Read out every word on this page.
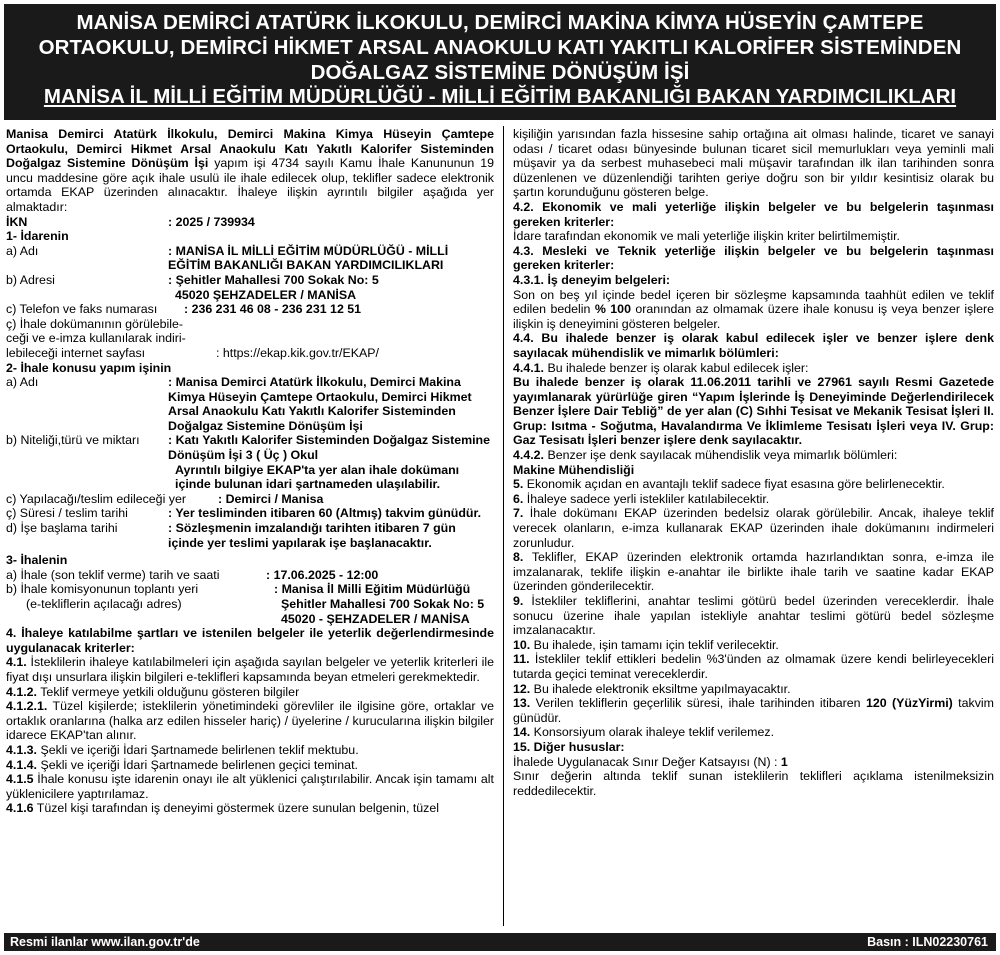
MANİSA DEMİRCİ ATATÜRK İLKOKULU, DEMİRCİ MAKİNA KİMYA HÜSEYİN ÇAMTEPE
ORTAOKULU, DEMİRCİ HİKMET ARSAL ANAOKULU KATI YAKITLI KALORİFER SİSTEMİNDEN
DOĞALGAZ SİSTEMİNE DÖNÜŞÜM İŞİ
MANİSA İL MİLLİ EĞİTİM MÜDÜRLÜĞÜ - MİLLİ EĞİTİM BAKANLIĞI BAKAN YARDIMCILIKLARI

Manisa Demirci Atatürk İlkokulu, Demirci Makina Kimya Hüseyin Çamtepe Ortaokulu, Demirci Hikmet Arsal Anaokulu Katı Yakıtlı Kalorifer Sisteminden Doğalgaz Sistemine Dönüşüm İşi yapım işi 4734 sayılı Kamu İhale Kanununun 19 uncu maddesine göre açık ihale usulü ile ihale edilecek olup, teklifler sadece elektronik ortamda EKAP üzerinden alınacaktır. İhaleye ilişkin ayrıntılı bilgiler aşağıda yer almaktadır:

İKN	: 2025 / 739934

1- İdarenin

a) Adı	: MANİSA İL MİLLİ EĞİTİM MÜDÜRLÜĞÜ - MİLLİ EĞİTİM BAKANLIĞI BAKAN YARDIMCILIKLARI
b) Adresi	: Şehitler Mahallesi 700 Sokak No: 5
45020 ŞEHZADELER / MANİSA
c) Telefon ve faks numarası	: 236 231 46 08 - 236 231 12 51

ç) İhale dokümanının görülebile-

ceği ve e-imza kullanılarak indiri-

lebileceği internet sayfası	: https://ekap.kik.gov.tr/EKAP/

2- İhale konusu yapım işinin

a) Adı	: Manisa Demirci Atatürk İlkokulu, Demirci Makina Kimya Hüseyin Çamtepe Ortaokulu, Demirci Hikmet Arsal Anaokulu Katı Yakıtlı Kalorifer Sisteminden Doğalgaz Sistemine Dönüşüm İşi
b) Niteliği,türü ve miktarı	: Katı Yakıtlı Kalorifer Sisteminden Doğalgaz Sistemine Dönüşüm İşi 3 ( Üç ) Okul

Ayrıntılı bilgiye EKAP'ta yer alan ihale dokümanı içinde bulunan idari şartnameden ulaşılabilir.
c) Yapılacağı/teslim edileceği yer	: Demirci / Manisa
ç) Süresi / teslim tarihi	: Yer tesliminden itibaren 60 (Altmış) takvim günüdür.
d) İşe başlama tarihi	: Sözleşmenin imzalandığı tarihten itibaren 7 gün içinde yer teslimi yapılarak işe başlanacaktır.

3- İhalenin

a) İhale (son teklif verme) tarih ve saati	: 17.06.2025 - 12:00
b) İhale komisyonunun toplantı yeri
(e-tekliflerin açılacağı adres)
: Manisa İl Milli Eğitim Müdürlüğü
Şehitler Mahallesi 700 Sokak No: 5
45020 - ŞEHZADELER / MANİSA

4. İhaleye katılabilme şartları ve istenilen belgeler ile yeterlik değerlendirmesinde uygulanacak kriterler:

4.1. İsteklilerin ihaleye katılabilmeleri için aşağıda sayılan belgeler ve yeterlik kriterleri ile fiyat dışı unsurlara ilişkin bilgileri e-teklifleri kapsamında beyan etmeleri gerekmektedir.

4.1.2. Teklif vermeye yetkili olduğunu gösteren bilgiler

4.1.2.1. Tüzel kişilerde; isteklilerin yönetimindeki görevliler ile ilgisine göre, ortaklar ve ortaklık oranlarına (halka arz edilen hisseler hariç) / üyelerine / kurucularına ilişkin bilgiler idarece EKAP'tan alınır.

4.1.3. Şekli ve içeriği İdari Şartnamede belirlenen teklif mektubu.

4.1.4. Şekli ve içeriği İdari Şartnamede belirlenen geçici teminat.

4.1.5 İhale konusu işte idarenin onayı ile alt yüklenici çalıştırılabilir. Ancak işin tamamı alt yüklenicilere yaptırılamaz.

4.1.6 Tüzel kişi tarafından iş deneyimi göstermek üzere sunulan belgenin, tüzel

kişiliğin yarısından fazla hissesine sahip ortağına ait olması halinde, ticaret ve sanayi odası / ticaret odası bünyesinde bulunan ticaret sicil memurlukları veya yeminli mali müşavir ya da serbest muhasebeci mali müşavir tarafından ilk ilan tarihinden sonra düzenlenen ve düzenlendiği tarihten geriye doğru son bir yıldır kesintisiz olarak bu şartın korunduğunu gösteren belge.

4.2. Ekonomik ve mali yeterliğe ilişkin belgeler ve bu belgelerin taşınması gereken kriterler:

İdare tarafından ekonomik ve mali yeterliğe ilişkin kriter belirtilmemiştir.

4.3. Mesleki ve Teknik yeterliğe ilişkin belgeler ve bu belgelerin taşınması gereken kriterler:

4.3.1. İş deneyim belgeleri:

Son on beş yıl içinde bedel içeren bir sözleşme kapsamında taahhüt edilen ve teklif edilen bedelin % 100 oranından az olmamak üzere ihale konusu iş veya benzer işlere ilişkin iş deneyimini gösteren belgeler.

4.4. Bu ihalede benzer iş olarak kabul edilecek işler ve benzer işlere denk sayılacak mühendislik ve mimarlık bölümleri:

4.4.1. Bu ihalede benzer iş olarak kabul edilecek işler:

Bu ihalede benzer iş olarak 11.06.2011 tarihli ve 27961 sayılı Resmi Gazetede yayımlanarak yürürlüğe giren “Yapım İşlerinde İş Deneyiminde Değerlendirilecek Benzer İşlere Dair Tebliğ” de yer alan (C) Sıhhi Tesisat ve Mekanik Tesisat İşleri II. Grup: Isıtma - Soğutma, Havalandırma Ve İklimleme Tesisatı İşleri veya IV. Grup: Gaz Tesisatı İşleri benzer işlere denk sayılacaktır.

4.4.2. Benzer işe denk sayılacak mühendislik veya mimarlık bölümleri:

Makine Mühendisliği

5. Ekonomik açıdan en avantajlı teklif sadece fiyat esasına göre belirlenecektir.

6. İhaleye sadece yerli istekliler katılabilecektir.

7. İhale dokümanı EKAP üzerinden bedelsiz olarak görülebilir. Ancak, ihaleye teklif verecek olanların, e-imza kullanarak EKAP üzerinden ihale dokümanını indirmeleri zorunludur.

8. Teklifler, EKAP üzerinden elektronik ortamda hazırlandıktan sonra, e-imza ile imzalanarak, teklife ilişkin e-anahtar ile birlikte ihale tarih ve saatine kadar EKAP üzerinden gönderilecektir.

9. İstekliler tekliflerini, anahtar teslimi götürü bedel üzerinden vereceklerdir. İhale sonucu üzerine ihale yapılan istekliyle anahtar teslimi götürü bedel sözleşme imzalanacaktır.

10. Bu ihalede, işin tamamı için teklif verilecektir.

11. İstekliler teklif ettikleri bedelin %3'ünden az olmamak üzere kendi belirleyecekleri tutarda geçici teminat vereceklerdir.

12. Bu ihalede elektronik eksiltme yapılmayacaktır.

13. Verilen tekliflerin geçerlilik süresi, ihale tarihinden itibaren 120 (YüzYirmi) takvim günüdür.

14. Konsorsiyum olarak ihaleye teklif verilemez.

15. Diğer hususlar:

İhalede Uygulanacak Sınır Değer Katsayısı (N) : 1

Sınır değerin altında teklif sunan isteklilerin teklifleri açıklama istenilmeksizin reddedilecektir.

Resmi ilanlar www.ilan.gov.tr'de	Basın : ILN02230761
